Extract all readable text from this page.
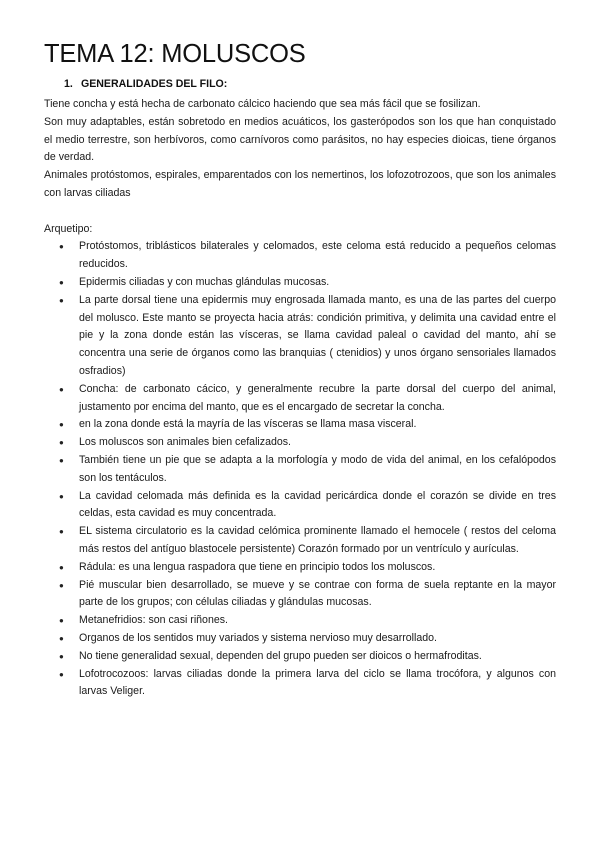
TEMA 12: MOLUSCOS
1. GENERALIDADES DEL FILO:

Tiene concha y está hecha de carbonato cálcico haciendo que sea más fácil que se fosilizan.

Son muy adaptables, están sobretodo en medios acuáticos, los gasterópodos son los que han conquistado el medio terrestre, son herbívoros, como carnívoros como parásitos, no hay especies dioicas, tiene órganos de verdad.

Animales protóstomos, espirales, emparentados con los nemertinos, los lofozotrozoos, que son los animales con larvas ciliadas

Arquetipo:

● Protóstomos, triblásticos bilaterales y celomados, este celoma está reducido a pequeños celomas reducidos.
● Epidermis ciliadas y con muchas glándulas mucosas.
● La parte dorsal tiene una epidermis muy engrosada llamada manto, es una de las partes del cuerpo del molusco. Este manto se proyecta hacia atrás: condición primitiva, y delimita una cavidad entre el pie y la zona donde están las vísceras, se llama cavidad paleal o cavidad del manto, ahí se concentra una serie de órganos como las branquias ( ctenidios) y unos órgano sensoriales llamados osfradios)
● Concha: de carbonato cácico, y generalmente recubre la parte dorsal del cuerpo del animal, justamento por encima del manto, que es el encargado de secretar la concha.
● en la zona donde está la mayría de las vísceras se llama masa visceral.
● Los moluscos son animales bien cefalizados.
● También tiene un pie que se adapta a la morfología y modo de vida del animal, en los cefalópodos son los tentáculos.
● La cavidad celomada más definida es la cavidad pericárdica donde el corazón se divide en tres celdas, esta cavidad es muy concentrada.
● EL sistema circulatorio es la cavidad celómica prominente llamado el hemocele ( restos del celoma más restos del antíguo blastocele persistente) Corazón formado por un ventrículo y aurículas.
● Rádula: es una lengua raspadora que tiene en principio todos los moluscos.
● Pié muscular bien desarrollado, se mueve y se contrae con forma de suela reptante en la mayor parte de los grupos; con células ciliadas y glándulas mucosas.
● Metanefridios: son casi riñones.
● Organos de los sentidos muy variados y sistema nervioso muy desarrollado.
● No tiene generalidad sexual, dependen del grupo pueden ser dioicos o hermafroditas.
● Lofotrocozoos: larvas ciliadas donde la primera larva del ciclo se llama trocófora, y algunos con larvas Veliger.
